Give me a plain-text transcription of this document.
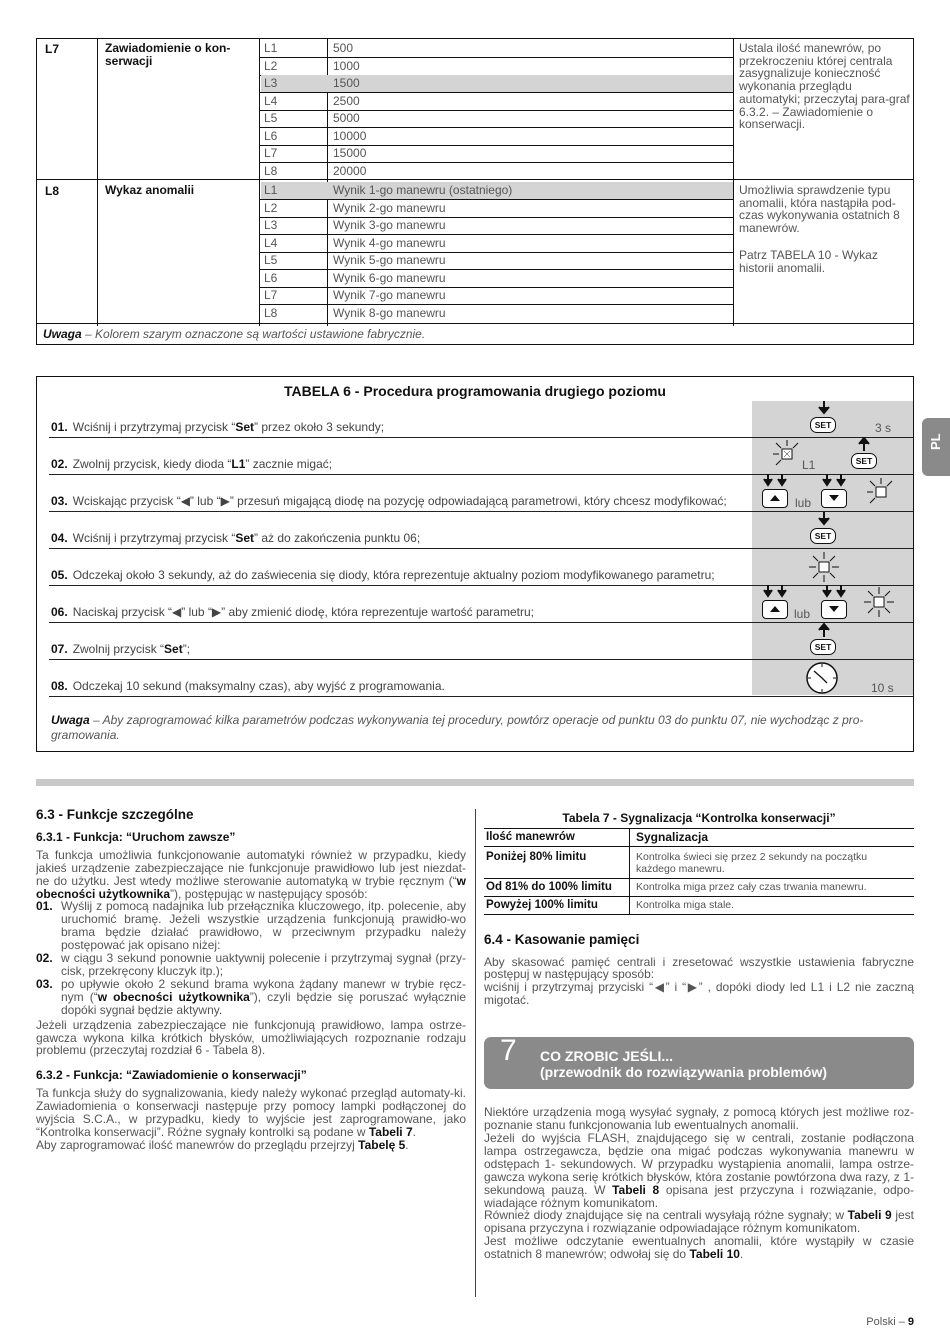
L7	Zawiadomienie o kon-serwacji
L1	500
L2	1000
L3	1500
L4	2500
L5	5000
L6	10000
L7	15000
L8	20000
Ustala ilość manewrów, po przekroczeniu której centrala zasygnalizuje konieczność wykonania przeglądu automatyki; przeczytaj para-graf 6.3.2. – Zawiadomienie o konserwacji.
L8	Wykaz anomalii	L1	Wynik 1-go manewru (ostatniego)
L2	Wynik 2-go manewru
L3	Wynik 3-go manewru
L4	Wynik 4-go manewru
L5	Wynik 5-go manewru
L6	Wynik 6-go manewru
L7	Wynik 7-go manewru
L8	Wynik 8-go manewru
Umożliwia sprawdzenie typu anomalii, która nastąpiła pod-czas wykonywania ostatnich 8 manewrów.
Patrz TABELA 10 - Wykaz historii anomalii.
Uwaga – Kolorem szarym oznaczone są wartości ustawione fabrycznie.
TABELA 6 - Procedura programowania drugiego poziomu
01. Wciśnij i przytrzymaj przycisk “Set” przez około 3 sekundy;
02. Zwolnij przycisk, kiedy dioda “L1” zacznie migać;
03. Wciskając przycisk “◀” lub “▶” przesuń migającą diodę na pozycję odpowiadającą parametrowi, który chcesz modyfikować;
04. Wciśnij i przytrzymaj przycisk “Set” aż do zakończenia punktu 06;
05. Odczekaj około 3 sekundy, aż do zaświecenia się diody, która reprezentuje aktualny poziom modyfikowanego parametru;
06. Naciskaj przycisk “◀” lub “▶” aby zmienić diodę, która reprezentuje wartość parametru;
07. Zwolnij przycisk “Set”;
08. Odczekaj 10 sekund (maksymalny czas), aby wyjść z programowania.
SET	3 s
L1	SET
lub
SET
lub
SET
10 s
Uwaga – Aby zaprogramować kilka parametrów podczas wykonywania tej procedury, powtórz operacje od punktu 03 do punktu 07, nie wychodząc z pro-gramowania.
PL
6.3 - Funkcje szczególne
6.3.1 - Funkcja: “Uruchom zawsze”

Ta funkcja umożliwia funkcjonowanie automatyki również w przypadku, kiedy jakieś urządzenie zabezpieczające nie funkcjonuje prawidłowo lub jest niezdat-ne do użytku. Jest wtedy możliwe sterowanie automatyką w trybie ręcznym (“w obecności użytkownika”), postępując w następujący sposób:

01. Wyślij z pomocą nadajnika lub przełącznika kluczowego, itp. polecenie, aby uruchomić bramę. Jeżeli wszystkie urządzenia funkcjonują prawidło-wo brama będzie działać prawidłowo, w przeciwnym przypadku należy postępować jak opisano niżej:
02. w ciągu 3 sekund ponownie uaktywnij polecenie i przytrzymaj sygnał (przy-cisk, przekręcony kluczyk itp.);
03. po upływie około 2 sekund brama wykona żądany manewr w trybie ręcz-nym (“w obecności użytkownika”), czyli będzie się poruszać wyłącznie dopóki sygnał będzie aktywny.

Jeżeli urządzenia zabezpieczające nie funkcjonują prawidłowo, lampa ostrze-gawcza wykona kilka krótkich błysków, umożliwiających rozpoznanie rodzaju problemu (przeczytaj rozdział 6 - Tabela 8).

6.3.2 - Funkcja: “Zawiadomienie o konserwacji”

Ta funkcja służy do sygnalizowania, kiedy należy wykonać przegląd automaty-ki. Zawiadomienia o konserwacji następuje przy pomocy lampki podłączonej do wyjścia S.C.A., w przypadku, kiedy to wyjście jest zaprogramowane, jako “Kontrolka konserwacji”. Różne sygnały kontrolki są podane w Tabeli 7.

Aby zaprogramować ilość manewrów do przeglądu przejrzyj Tabelę 5.

Tabela 7 - Sygnalizacja “Kontrolka konserwacji”
Ilość manewrów	Sygnalizacja
Poniżej 80% limitu	Kontrolka świeci się przez 2 sekundy na początku każdego manewru.
Od 81% do 100% limitu	Kontrolka miga przez cały czas trwania manewru.
Powyżej 100% limitu	Kontrolka miga stale.
6.4 - Kasowanie pamięci

Aby skasować pamięć centrali i zresetować wszystkie ustawienia fabryczne postępuj w następujący sposób:

wciśnij i przytrzymaj przyciski “◀” i “▶” , dopóki diody led L1 i L2 nie zaczną migotać.

7 CO ZROBIC JEŚLI...
(przewodnik do rozwiązywania problemów)

Niektóre urządzenia mogą wysyłać sygnały, z pomocą których jest możliwe roz-poznanie stanu funkcjonowania lub ewentualnych anomalii.

Jeżeli do wyjścia FLASH, znajdującego się w centrali, zostanie podłączona lampa ostrzegawcza, będzie ona migać podczas wykonywania manewru w odstępach 1- sekundowych. W przypadku wystąpienia anomalii, lampa ostrze-gawcza wykona serię krótkich błysków, która zostanie powtórzona dwa razy, z 1-sekundową pauzą. W Tabeli 8 opisana jest przyczyna i rozwiązanie, odpo-wiadające różnym komunikatom.

Również diody znajdujące się na centrali wysyłają różne sygnały; w Tabeli 9 jest opisana przyczyna i rozwiązanie odpowiadające różnym komunikatom.

Jest możliwe odczytanie ewentualnych anomalii, które wystąpiły w czasie ostatnich 8 manewrów; odwołaj się do Tabeli 10.

Polski – 9
